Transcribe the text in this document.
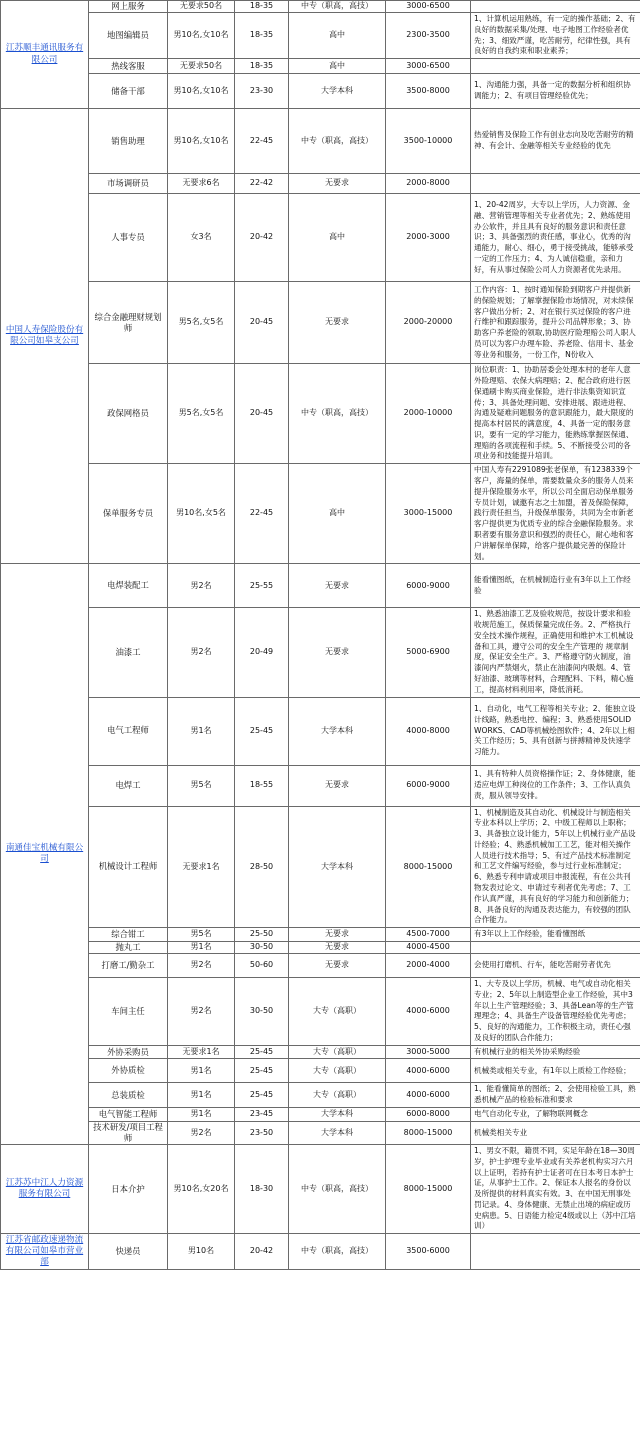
江苏顺丰通讯服务有限公司	网上服务	无要求50名	18-35	中专（职高，高技）	3000-6500	
	地图编辑员	男10名,女10名	18-35	高中	2300-3500	1、计算机运用熟练，有一定的操作基础；2、有良好的数据采集/处理、电子地图工作经验者优先；3、细致严谨，吃苦耐劳，纪律性强，具有良好的自我约束和职业素养；
	热线客服	无要求50名	18-35	高中	3000-6500	
	储备干部	男10名,女10名	23-30	大学本科	3500-8000	1、沟通能力强，具备一定的数据分析和组织协调能力；2、有项目管理经验优先；
中国人寿保险股份有限公司如皋支公司	销售助理	男10名,女10名	22-45	中专（职高，高技）	3500-10000	热爱销售及保险工作有创业志向及吃苦耐劳的精神、有会计、金融等相关专业经验的优先
	市场调研员	无要求6名	22-42	无要求	2000-8000	
	人事专员	女3名	20-42	高中	2000-3000	1、20-42周岁，大专以上学历，人力资源、金融、营销管理等相关专业者优先；2、熟练使用办公软件，并且具有良好的服务意识和责任意识；3、具备强烈的责任感，事业心，优秀的沟通能力，耐心、细心，勇于接受挑战，能够承受一定的工作压力；4、为人诚信稳重，亲和力好，有从事过保险公司人力资源者优先录用。
	综合金融理财规划师	男5名,女5名	20-45	无要求	2000-20000	工作内容：1、按时通知保险到期客户并提供新的保险规划；了解掌握保险市场情况，对未续保客户做出分析；2、对在银行买过保险的客户进行维护和跟踪服务，提升公司品牌形象；3、协助客户养老险的领取,协助医疗险理赔公司人职人员可以为客户办理车险、养老险、信用卡、基金等业务和服务，一份工作，N份收入
	政保网格员	男5名,女5名	20-45	中专（职高，高技）	2000-10000	岗位职责：1、协助居委会处理本村的老年人意外险理赔、农保大病理赔；2、配合政府进行医保通刷卡购买商业保险，进行非法集资知识宣传；3、具备处理问题、安排进展、跟进进程、沟通及疑难问题服务的意识跟能力，最大限度的提高本村居民的满意度，4、具备一定的服务意识，要有一定的学习能力，能熟练掌握医保通、理赔的各项流程和手续。5、不断接受公司的各项业务和技能提升培训。
	保单服务专员	男10名,女5名	22-45	高中	3000-15000	中国人寿有2291089张老保单，有1238339个客户，海量的保单，需要数量众多的服务人员来提升保险服务水平，所以公司全面启动保单服务专员计划，诚邀有志之士加盟，普及保险保障，践行责任担当，升级保单服务，共同为全市新老客户提供更为优质专业的综合金融保险服务。求职者要有服务意识和强烈的责任心，耐心地和客户讲解保单保障，给客户提供最完善的保险计划。
南通佳宝机械有限公司	电焊装配工	男2名	25-55	无要求	6000-9000	能看懂图纸，在机械制造行业有3年以上工作经验
	油漆工	男2名	20-49	无要求	5000-6900	1、熟悉油漆工艺及验收规范，按设计要求和验收规范施工，保质保量完成任务。2、严格执行安全技术操作规程，正确使用和维护木工机械设备和工具，遵守公司的安全生产管理的 规章制度，保证安全生产。3、严格遵守防火制度，油漆间内严禁烟火，禁止在油漆间内吸烟。4、管好油漆、玻璃等材料，合理配料、下料，精心施工，提高材料利用率，降低消耗。
	电气工程师	男1名	25-45	大学本科	4000-8000	1、自动化，电气工程等相关专业；2、能独立设计线路，熟悉电控、编程；3、熟悉使用SOLIDWORKS、CAD等机械绘图软件；4、2年以上相关工作经历；5、具有创新与拼搏精神及快速学习能力。
	电焊工	男5名	18-55	无要求	6000-9000	1、具有特种人员资格操作证；2、身体健康，能适应电焊工种岗位的工作条件；3、工作认真负责，服从领导安排。
	机械设计工程师	无要求1名	28-50	大学本科	8000-15000	1、机械制造及其自动化、机械设计与制造相关专业本科以上学历；2、中级工程师以上职称；3、具备独立设计能力，5年以上机械行业产品设计经验；4、熟悉机械加工工艺，能对相关操作人员进行技术指导；5、有过产品技术标准制定和工艺文件编写经验，参与过行业标准制定；6、熟悉专利申请或项目申报流程，有在公共刊物发表过论文、申请过专利者优先考虑；7、工作认真严谨，具有良好的学习能力和创新能力；8、具备良好的沟通及表达能力，有较强的团队合作能力。
	综合钳工	男5名	25-50	无要求	4500-7000	有3年以上工作经验，能看懂图纸
	抛丸工	男1名	30-50	无要求	4000-4500	
	打磨工/勤杂工	男2名	50-60	无要求	2000-4000	会使用打磨机、行车，能吃苦耐劳者优先
	车间主任	男2名	30-50	大专（高职）	4000-6000	1、大专及以上学历，机械、电气或自动化相关专业；2、5年以上制造型企业工作经验，其中3年以上生产管理经验；3、具备Lean等的生产管理理念；4、具备生产设备管理经验优先考虑；5、良好的沟通能力，工作积极主动，责任心强及良好的团队合作能力；
	外协采购员	无要求1名	25-45	大专（高职）	3000-5000	有机械行业的相关外协采购经验
	外协质检	男1名	25-45	大专（高职）	4000-6000	机械类或相关专业，有1年以上质检工作经验；
	总装质检	男1名	25-45	大专（高职）	4000-6000	1、能看懂简单的图纸；2、会使用检验工具，熟悉机械产品的检验标准和要求
	电气智能工程师	男1名	23-45	大学本科	6000-8000	电气自动化专业，了解物联网概念
	技术研发/项目工程师	男2名	23-50	大学本科	8000-15000	机械类相关专业
江苏苏中江人力资源服务有限公司	日本介护	男10名,女20名	18-30	中专（职高，高技）	8000-15000	1、男女不限，籍贯不同，实足年龄在18—30周岁，护士护理专业毕业或有关养老机构实习六月以上证明，若持有护士证者可在日本考日本护士证，从事护士工作。2、保证本人报名的身份以及所提供的材料真实有效。3、在中国无刑事处罚记录。4、身体健康、无禁止出境的病症或历史病患。5、日语能力检定4级或以上（苏中江培训）
江苏省邮政速递物流有限公司如皋市营业部	快递员	男10名	20-42	中专（职高，高技）	3500-6000	
